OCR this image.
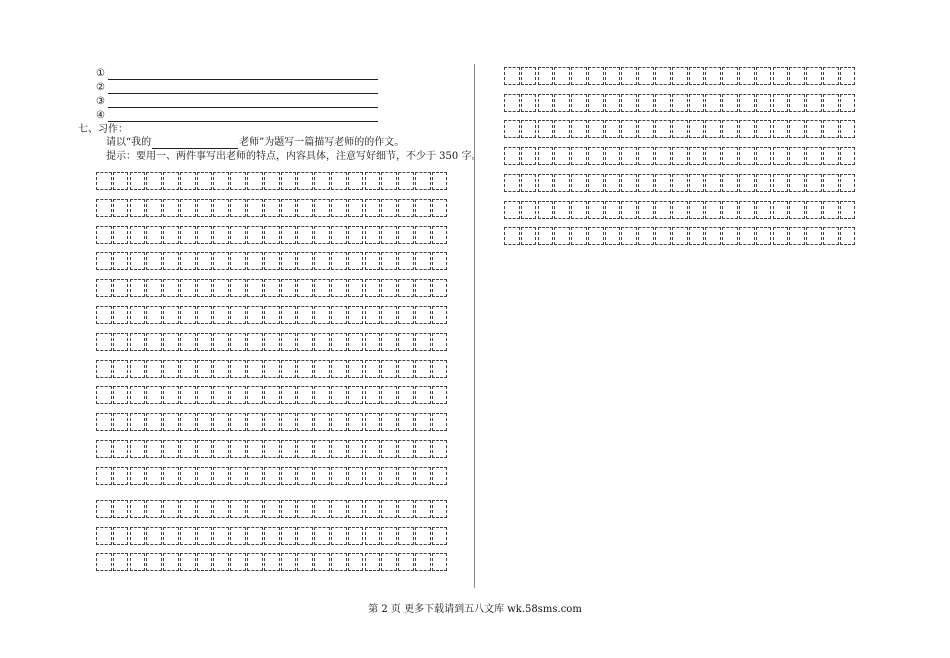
①
②
③
④
七、习作：
请以“我的	老师”为题写一篇描写老师的的作文。
提示：要用一、两件事写出老师的特点，内容具体，注意写好细节，不少于 350 字。
第 2 页 更多下载请到五八文库 wk.58sms.com
